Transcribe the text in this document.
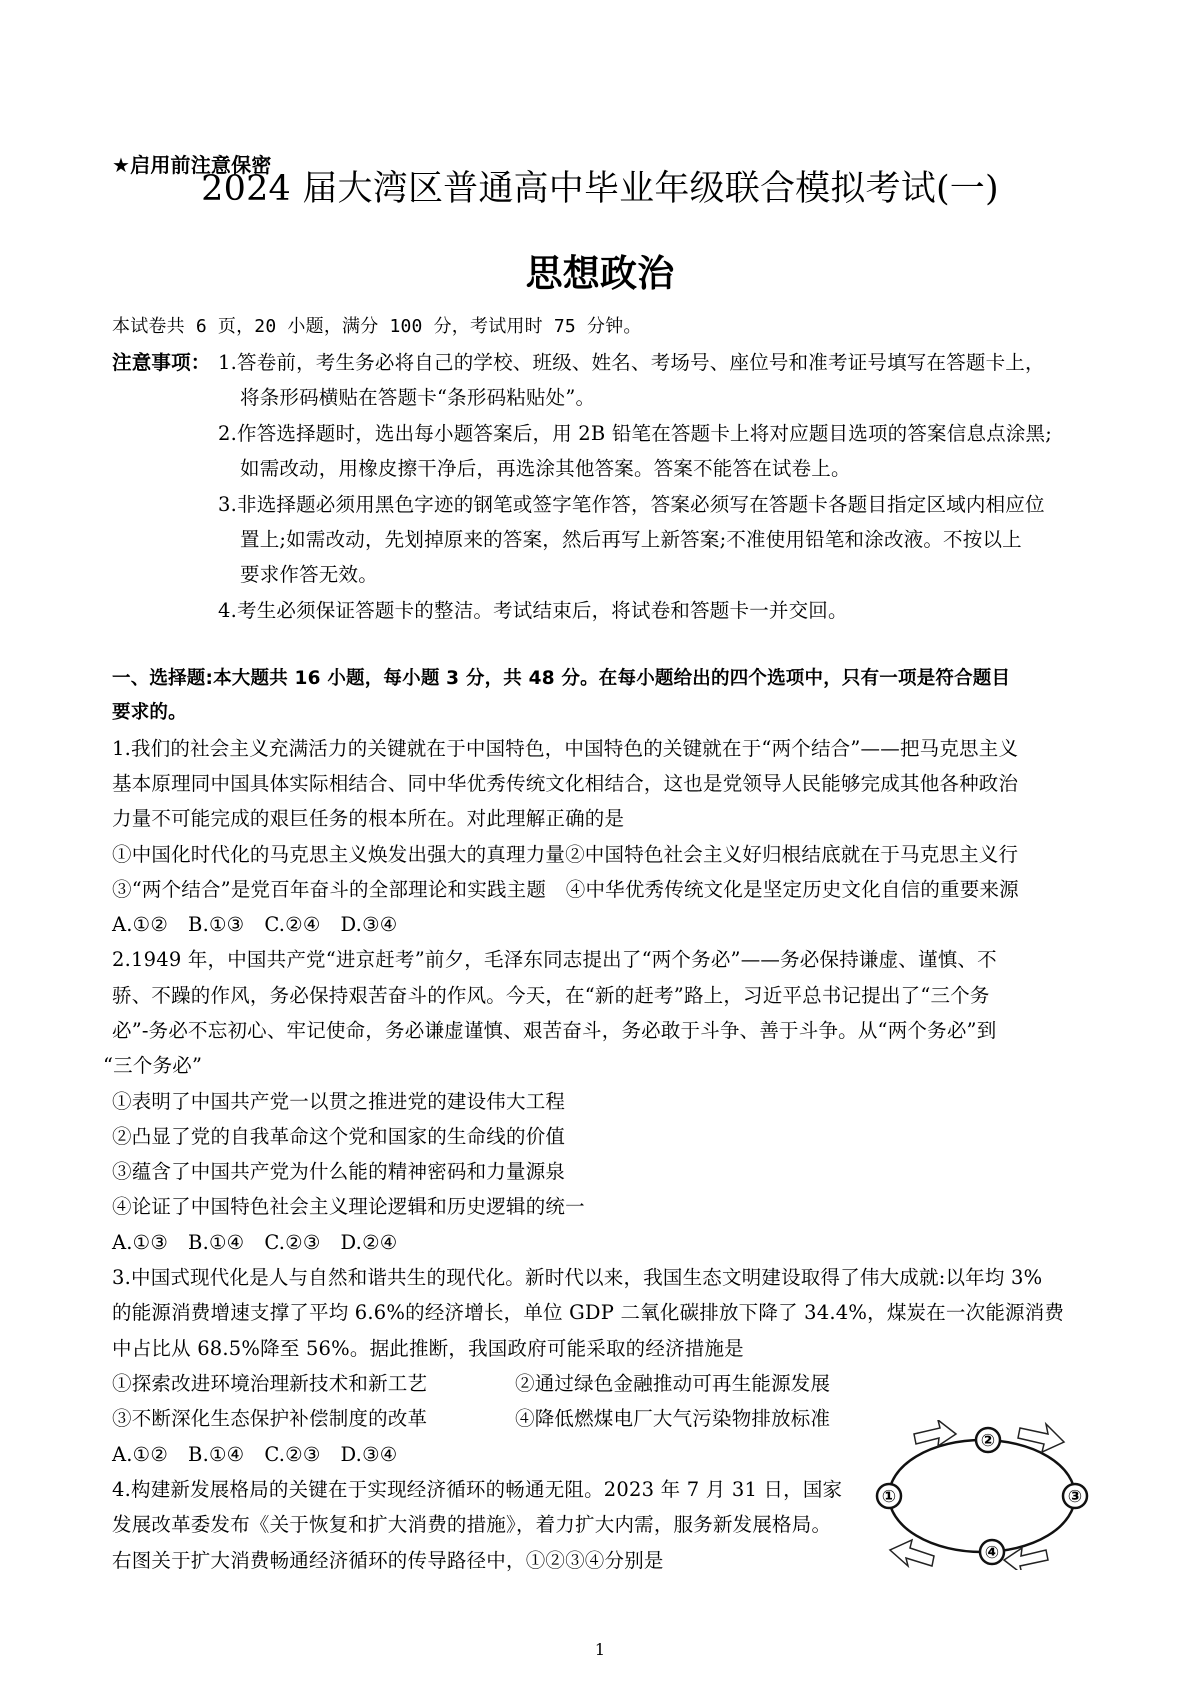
★启用前注意保密
2024 届大湾区普通高中毕业年级联合模拟考试(一)
思想政治
本试卷共 6 页，20 小题，满分 100 分，考试用时 75 分钟。
注意事项： 1.答卷前，考生务必将自己的学校、班级、姓名、考场号、座位号和准考证号填写在答题卡上，
将条形码横贴在答题卡“条形码粘贴处”。
2.作答选择题时，选出每小题答案后，用 2B 铅笔在答题卡上将对应题目选项的答案信息点涂黑;
如需改动，用橡皮擦干净后，再选涂其他答案。答案不能答在试卷上。
3.非选择题必须用黑色字迹的钢笔或签字笔作答，答案必须写在答题卡各题目指定区域内相应位
置上;如需改动，先划掉原来的答案，然后再写上新答案;不准使用铅笔和涂改液。不按以上
要求作答无效。
4.考生必须保证答题卡的整洁。考试结束后，将试卷和答题卡一并交回。
一、选择题:本大题共 16 小题，每小题 3 分，共 48 分。在每小题给出的四个选项中，只有一项是符合题目
要求的。
1.我们的社会主义充满活力的关键就在于中国特色，中国特色的关键就在于“两个结合”——把马克思主义
基本原理同中国具体实际相结合、同中华优秀传统文化相结合，这也是党领导人民能够完成其他各种政治
力量不可能完成的艰巨任务的根本所在。对此理解正确的是
①中国化时代化的马克思主义焕发出强大的真理力量②中国特色社会主义好归根结底就在于马克思主义行
③“两个结合”是党百年奋斗的全部理论和实践主题　④中华优秀传统文化是坚定历史文化自信的重要来源
A.①② B.①③ C.②④ D.③④
2.1949 年，中国共产党“进京赶考”前夕，毛泽东同志提出了“两个务必”——务必保持谦虚、谨慎、不
骄、不躁的作风，务必保持艰苦奋斗的作风。今天，在“新的赶考”路上，习近平总书记提出了“三个务
必”-务必不忘初心、牢记使命，务必谦虚谨慎、艰苦奋斗，务必敢于斗争、善于斗争。从“两个务必”到
“三个务必”
①表明了中国共产党一以贯之推进党的建设伟大工程
②凸显了党的自我革命这个党和国家的生命线的价值
③蕴含了中国共产党为什么能的精神密码和力量源泉
④论证了中国特色社会主义理论逻辑和历史逻辑的统一
A.①③ B.①④ C.②③ D.②④
3.中国式现代化是人与自然和谐共生的现代化。新时代以来，我国生态文明建设取得了伟大成就:以年均 3%
的能源消费增速支撑了平均 6.6%的经济增长，单位 GDP 二氧化碳排放下降了 34.4%，煤炭在一次能源消费
中占比从 68.5%降至 56%。据此推断，我国政府可能采取的经济措施是
①探索改进环境治理新技术和新工艺	②通过绿色金融推动可再生能源发展
③不断深化生态保护补偿制度的改革	④降低燃煤电厂大气污染物排放标准
A.①② B.①④ C.②③ D.③④
4.构建新发展格局的关键在于实现经济循环的畅通无阻。2023 年 7 月 31 日，国家
发展改革委发布《关于恢复和扩大消费的措施》，着力扩大内需，服务新发展格局。
右图关于扩大消费畅通经济循环的传导路径中，①②③④分别是
②
①	③
④
1
